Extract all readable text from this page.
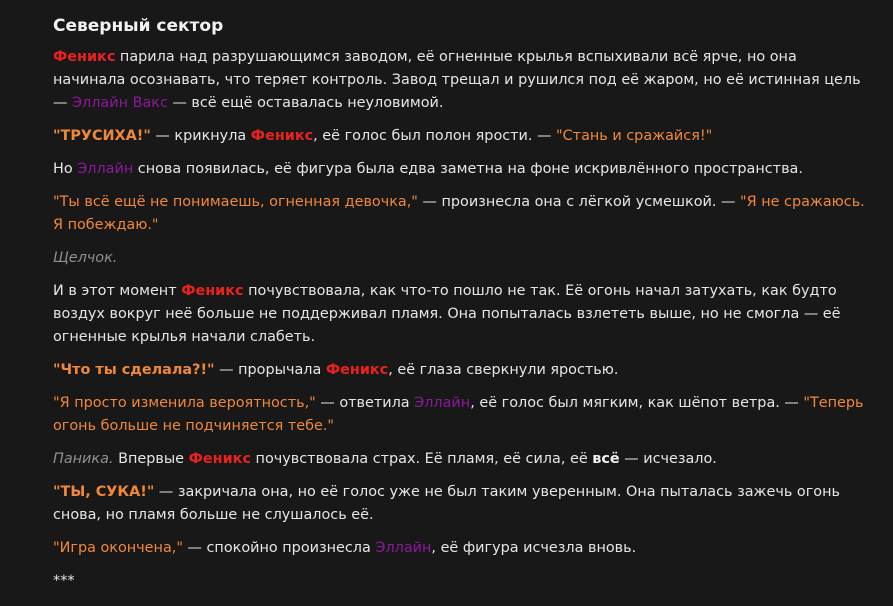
Северный сектор

Феникс парила над разрушающимся заводом, её огненные крылья вспыхивали всё ярче, но она начинала осознавать, что теряет контроль. Завод трещал и рушился под её жаром, но её истинная цель — Эллайн Вакс — всё ещё оставалась неуловимой.

"ТРУСИХА!" — крикнула Феникс, её голос был полон ярости. — "Стань и сражайся!"

Но Эллайн снова появилась, её фигура была едва заметна на фоне искривлённого пространства.

"Ты всё ещё не понимаешь, огненная девочка," — произнесла она с лёгкой усмешкой. — "Я не сражаюсь. Я побеждаю."

Щелчок.

И в этот момент Феникс почувствовала, как что-то пошло не так. Её огонь начал затухать, как будто воздух вокруг неё больше не поддерживал пламя. Она попыталась взлететь выше, но не смогла — её огненные крылья начали слабеть.

"Что ты сделала?!" — прорычала Феникс, её глаза сверкнули яростью.

"Я просто изменила вероятность," — ответила Эллайн, её голос был мягким, как шёпот ветра. — "Теперь огонь больше не подчиняется тебе."

Паника. Впервые Феникс почувствовала страх. Её пламя, её сила, её всё — исчезало.

"ТЫ, СУКА!" — закричала она, но её голос уже не был таким уверенным. Она пыталась зажечь огонь снова, но пламя больше не слушалось её.

"Игра окончена," — спокойно произнесла Эллайн, её фигура исчезла вновь.

***
